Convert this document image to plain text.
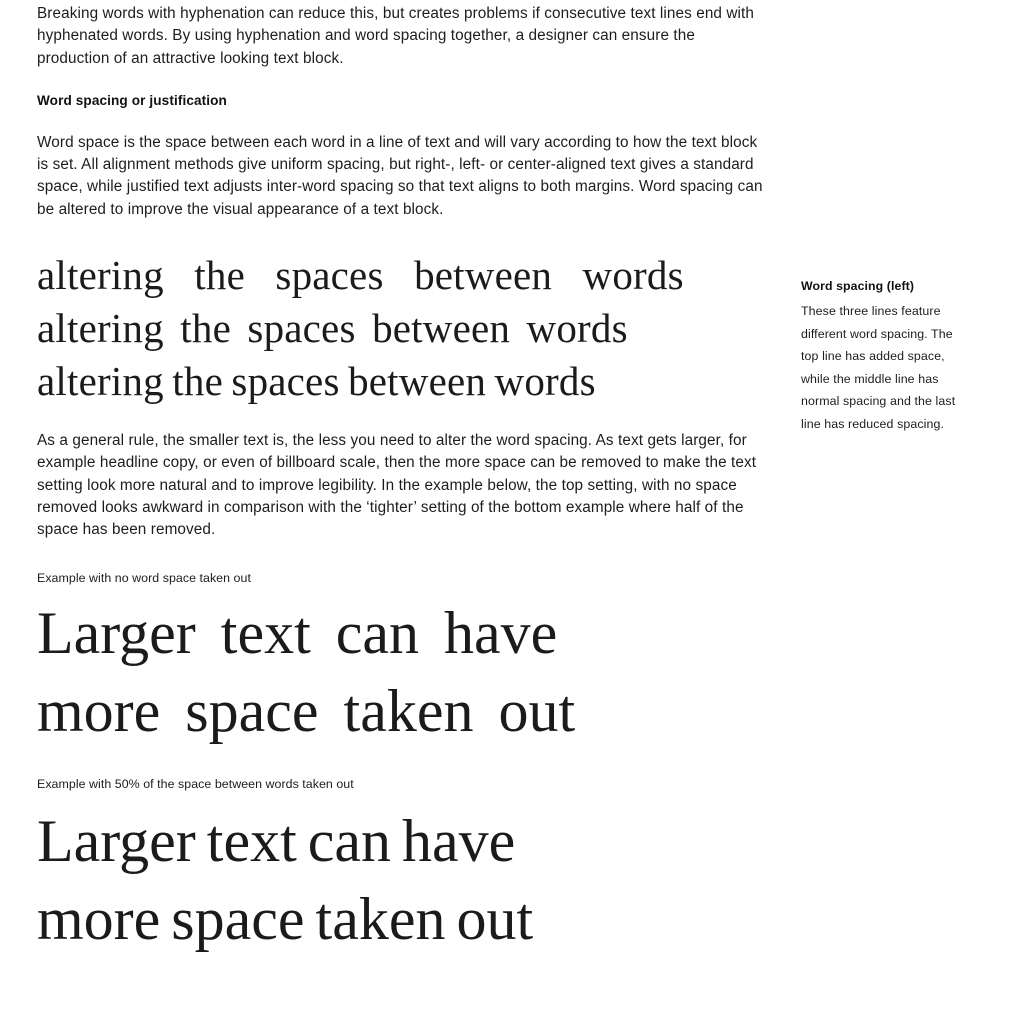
Breaking words with hyphenation can reduce this, but creates problems if consecutive text lines end with hyphenated words. By using hyphenation and word spacing together, a designer can ensure the production of an attractive looking text block.

Word spacing or justification

Word space is the space between each word in a line of text and will vary according to how the text block is set. All alignment methods give uniform spacing, but right-, left- or center-aligned text gives a standard space, while justified text adjusts inter-word spacing so that text aligns to both margins. Word spacing can be altered to improve the visual appearance of a text block.

altering the spaces between words
altering the spaces between words
altering the spaces between words

As a general rule, the smaller text is, the less you need to alter the word spacing. As text gets larger, for example headline copy, or even of billboard scale, then the more space can be removed to make the text setting look more natural and to improve legibility. In the example below, the top setting, with no space removed looks awkward in comparison with the ‘tighter’ setting of the bottom example where half of the space has been removed.

Example with no word space taken out

Larger text can have
more space taken out

Example with 50% of the space between words taken out

Larger text can have
more space taken out

Word spacing (left)

These three lines feature different word spacing. The top line has added space, while the middle line has normal spacing and the last line has reduced spacing.
